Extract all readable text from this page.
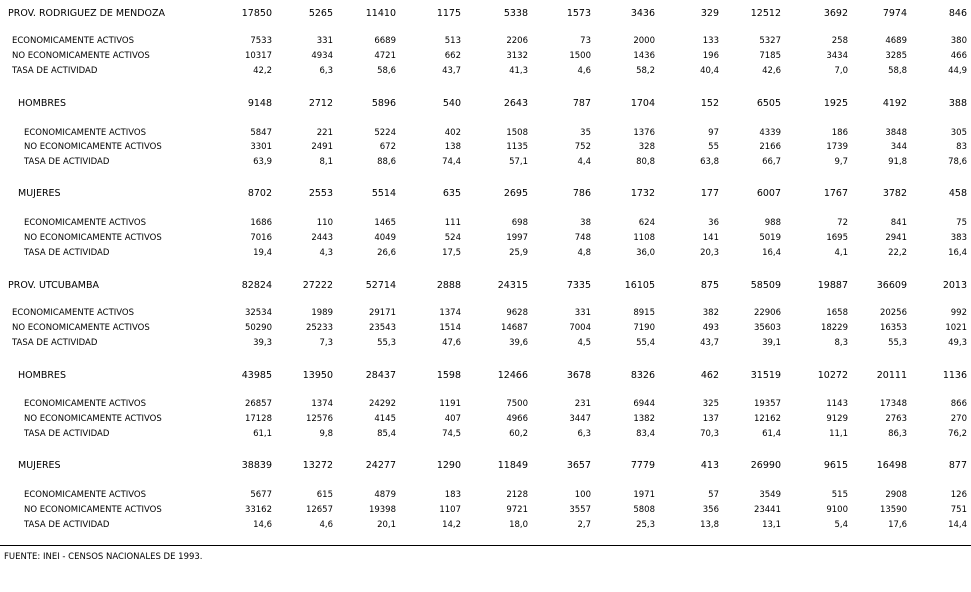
PROV. RODRIGUEZ DE MENDOZA	17850	5265	11410	1175	5338	1573	3436	329	12512	3692	7974	846
ECONOMICAMENTE ACTIVOS	7533	331	6689	513	2206	73	2000	133	5327	258	4689	380
NO ECONOMICAMENTE ACTIVOS	10317	4934	4721	662	3132	1500	1436	196	7185	3434	3285	466
TASA DE ACTIVIDAD	42,2	6,3	58,6	43,7	41,3	4,6	58,2	40,4	42,6	7,0	58,8	44,9
HOMBRES	9148	2712	5896	540	2643	787	1704	152	6505	1925	4192	388
ECONOMICAMENTE ACTIVOS	5847	221	5224	402	1508	35	1376	97	4339	186	3848	305
NO ECONOMICAMENTE ACTIVOS	3301	2491	672	138	1135	752	328	55	2166	1739	344	83
TASA DE ACTIVIDAD	63,9	8,1	88,6	74,4	57,1	4,4	80,8	63,8	66,7	9,7	91,8	78,6
MUJERES	8702	2553	5514	635	2695	786	1732	177	6007	1767	3782	458
ECONOMICAMENTE ACTIVOS	1686	110	1465	111	698	38	624	36	988	72	841	75
NO ECONOMICAMENTE ACTIVOS	7016	2443	4049	524	1997	748	1108	141	5019	1695	2941	383
TASA DE ACTIVIDAD	19,4	4,3	26,6	17,5	25,9	4,8	36,0	20,3	16,4	4,1	22,2	16,4
PROV. UTCUBAMBA	82824	27222	52714	2888	24315	7335	16105	875	58509	19887	36609	2013
ECONOMICAMENTE ACTIVOS	32534	1989	29171	1374	9628	331	8915	382	22906	1658	20256	992
NO ECONOMICAMENTE ACTIVOS	50290	25233	23543	1514	14687	7004	7190	493	35603	18229	16353	1021
TASA DE ACTIVIDAD	39,3	7,3	55,3	47,6	39,6	4,5	55,4	43,7	39,1	8,3	55,3	49,3
HOMBRES	43985	13950	28437	1598	12466	3678	8326	462	31519	10272	20111	1136
ECONOMICAMENTE ACTIVOS	26857	1374	24292	1191	7500	231	6944	325	19357	1143	17348	866
NO ECONOMICAMENTE ACTIVOS	17128	12576	4145	407	4966	3447	1382	137	12162	9129	2763	270
TASA DE ACTIVIDAD	61,1	9,8	85,4	74,5	60,2	6,3	83,4	70,3	61,4	11,1	86,3	76,2
MUJERES	38839	13272	24277	1290	11849	3657	7779	413	26990	9615	16498	877
ECONOMICAMENTE ACTIVOS	5677	615	4879	183	2128	100	1971	57	3549	515	2908	126
NO ECONOMICAMENTE ACTIVOS	33162	12657	19398	1107	9721	3557	5808	356	23441	9100	13590	751
TASA DE ACTIVIDAD	14,6	4,6	20,1	14,2	18,0	2,7	25,3	13,8	13,1	5,4	17,6	14,4
FUENTE: INEI - CENSOS NACIONALES DE 1993.
